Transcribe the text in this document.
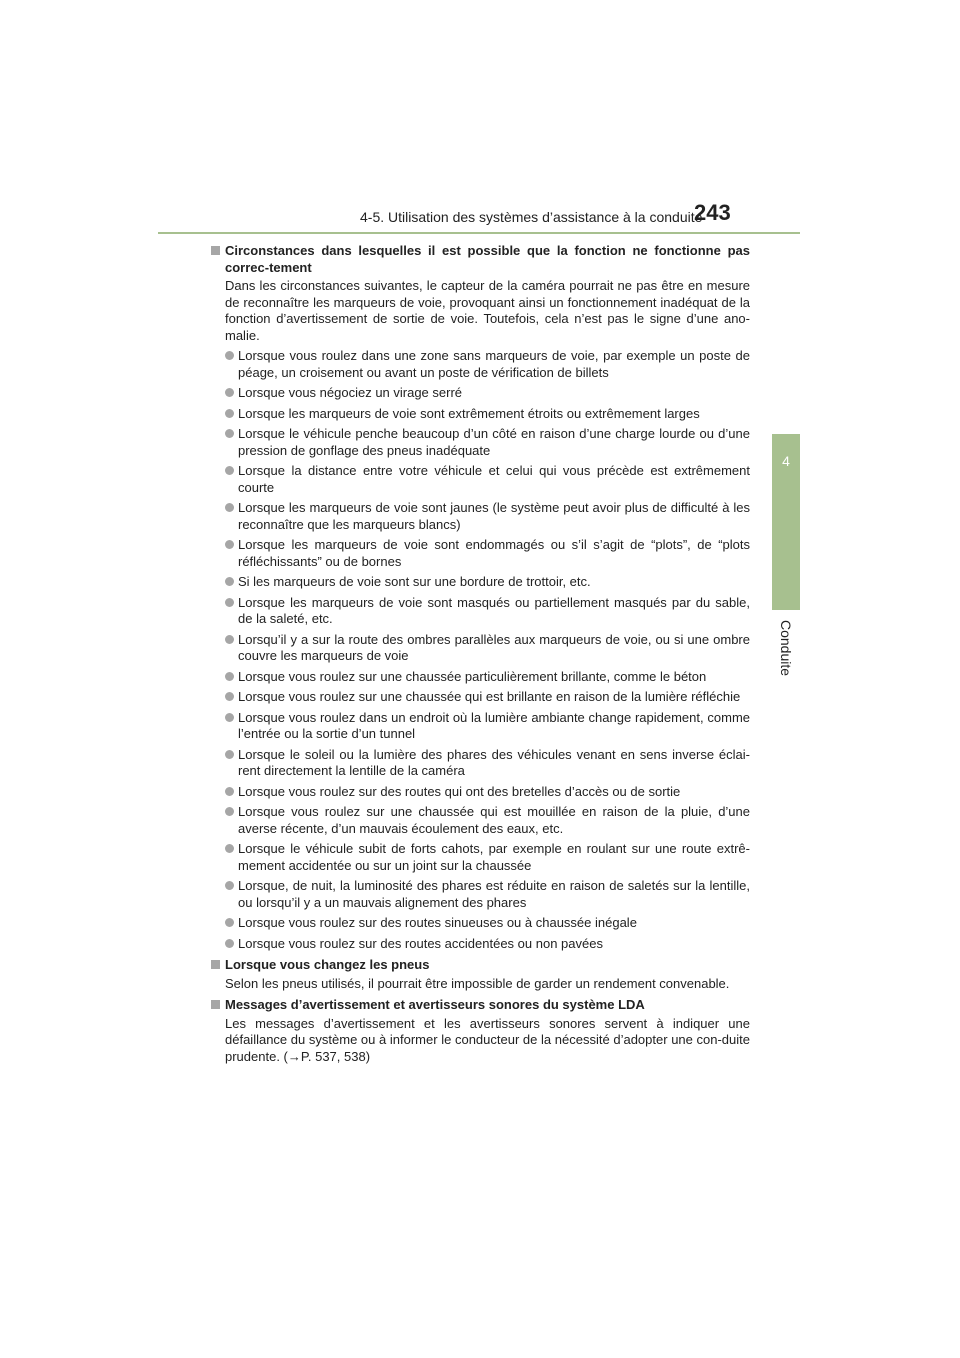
4-5. Utilisation des systèmes d’assistance à la conduite
243
4
Conduite
Circonstances dans lesquelles il est possible que la fonction ne fonctionne pas correc-tement
Dans les circonstances suivantes, le capteur de la caméra pourrait ne pas être en mesure de reconnaître les marqueurs de voie, provoquant ainsi un fonctionnement inadéquat de la fonction d’avertissement de sortie de voie. Toutefois, cela n’est pas le signe d’une ano-malie.
Lorsque vous roulez dans une zone sans marqueurs de voie, par exemple un poste de péage, un croisement ou avant un poste de vérification de billets
Lorsque vous négociez un virage serré
Lorsque les marqueurs de voie sont extrêmement étroits ou extrêmement larges
Lorsque le véhicule penche beaucoup d’un côté en raison d’une charge lourde ou d’une pression de gonflage des pneus inadéquate
Lorsque la distance entre votre véhicule et celui qui vous précède est extrêmement courte
Lorsque les marqueurs de voie sont jaunes (le système peut avoir plus de difficulté à les reconnaître que les marqueurs blancs)
Lorsque les marqueurs de voie sont endommagés ou s’il s’agit de “plots”, de “plots réfléchissants” ou de bornes
Si les marqueurs de voie sont sur une bordure de trottoir, etc.
Lorsque les marqueurs de voie sont masqués ou partiellement masqués par du sable, de la saleté, etc.
Lorsqu’il y a sur la route des ombres parallèles aux marqueurs de voie, ou si une ombre couvre les marqueurs de voie
Lorsque vous roulez sur une chaussée particulièrement brillante, comme le béton
Lorsque vous roulez sur une chaussée qui est brillante en raison de la lumière réfléchie
Lorsque vous roulez dans un endroit où la lumière ambiante change rapidement, comme l’entrée ou la sortie d’un tunnel
Lorsque le soleil ou la lumière des phares des véhicules venant en sens inverse éclai-rent directement la lentille de la caméra
Lorsque vous roulez sur des routes qui ont des bretelles d’accès ou de sortie
Lorsque vous roulez sur une chaussée qui est mouillée en raison de la pluie, d’une averse récente, d’un mauvais écoulement des eaux, etc.
Lorsque le véhicule subit de forts cahots, par exemple en roulant sur une route extrê-mement accidentée ou sur un joint sur la chaussée
Lorsque, de nuit, la luminosité des phares est réduite en raison de saletés sur la lentille, ou lorsqu’il y a un mauvais alignement des phares
Lorsque vous roulez sur des routes sinueuses ou à chaussée inégale
Lorsque vous roulez sur des routes accidentées ou non pavées
Lorsque vous changez les pneus
Selon les pneus utilisés, il pourrait être impossible de garder un rendement convenable.
Messages d’avertissement et avertisseurs sonores du système LDA
Les messages d’avertissement et les avertisseurs sonores servent à indiquer une défaillance du système ou à informer le conducteur de la nécessité d’adopter une con-duite prudente. (→P. 537, 538)
